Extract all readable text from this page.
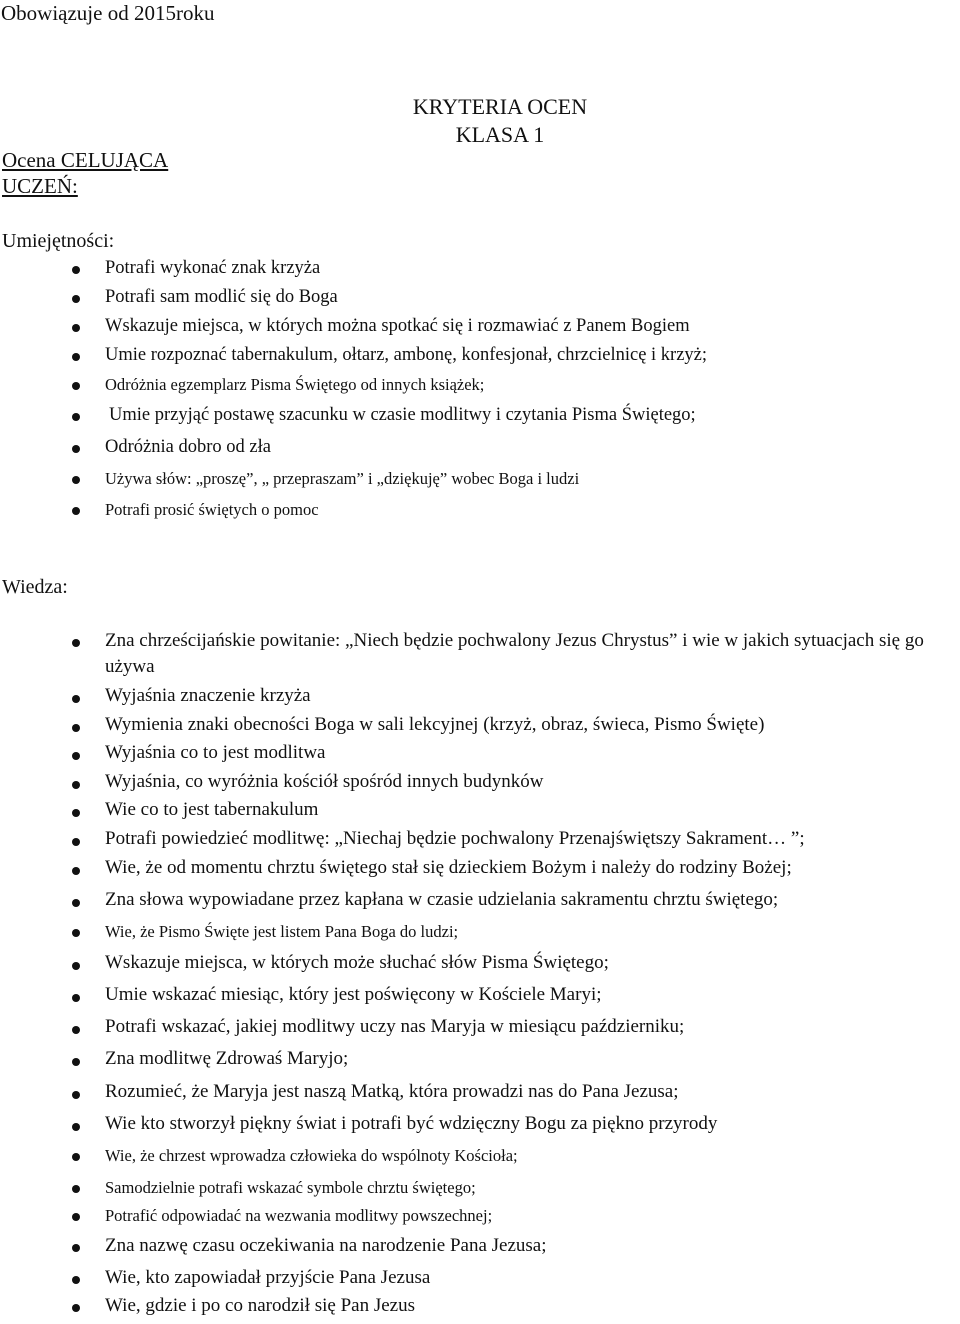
Obowiązuje od 2015roku
KRYTERIA OCEN
KLASA 1
Ocena CELUJĄCA
UCZEŃ:
Umiejętności:
Potrafi wykonać znak krzyża
Potrafi sam modlić się do Boga
Wskazuje miejsca, w których można spotkać się i rozmawiać z Panem Bogiem
Umie rozpoznać tabernakulum, ołtarz, ambonę, konfesjonał, chrzcielnicę i krzyż;
Odróżnia egzemplarz Pisma Świętego od innych książek;
Umie przyjąć postawę szacunku w czasie modlitwy i czytania Pisma Świętego;
Odróżnia dobro od zła
Używa słów: „proszę”, „ przepraszam” i „dziękuję” wobec Boga i ludzi
Potrafi prosić świętych o pomoc
Wiedza:
Zna chrześcijańskie powitanie: „Niech będzie pochwalony Jezus Chrystus” i wie w jakich sytuacjach się go używa
Wyjaśnia znaczenie krzyża
Wymienia znaki obecności Boga w sali lekcyjnej (krzyż, obraz, świeca, Pismo Święte)
Wyjaśnia co to jest modlitwa
Wyjaśnia, co wyróżnia kościół spośród innych budynków
Wie co to jest tabernakulum
Potrafi powiedzieć modlitwę: „Niechaj będzie pochwalony Przenajświętszy Sakrament… ”;
Wie, że od momentu chrztu świętego stał się dzieckiem Bożym i należy do rodziny Bożej;
Zna słowa wypowiadane przez kapłana w czasie udzielania sakramentu chrztu świętego;
Wie, że Pismo Święte jest listem Pana Boga do ludzi;
Wskazuje miejsca, w których może słuchać słów Pisma Świętego;
Umie wskazać miesiąc, który jest poświęcony w Kościele Maryi;
Potrafi wskazać, jakiej modlitwy uczy nas Maryja w miesiącu październiku;
Zna modlitwę Zdrowaś Maryjo;
Rozumieć, że Maryja jest naszą Matką, która prowadzi nas do Pana Jezusa;
Wie kto stworzył piękny świat i potrafi być wdzięczny Bogu za piękno przyrody
Wie, że chrzest wprowadza człowieka do wspólnoty Kościoła;
Samodzielnie potrafi wskazać symbole chrztu świętego;
Potrafić odpowiadać na wezwania modlitwy powszechnej;
Zna nazwę czasu oczekiwania na narodzenie Pana Jezusa;
Wie, kto zapowiadał przyjście Pana Jezusa
Wie, gdzie i po co narodził się Pan Jezus
